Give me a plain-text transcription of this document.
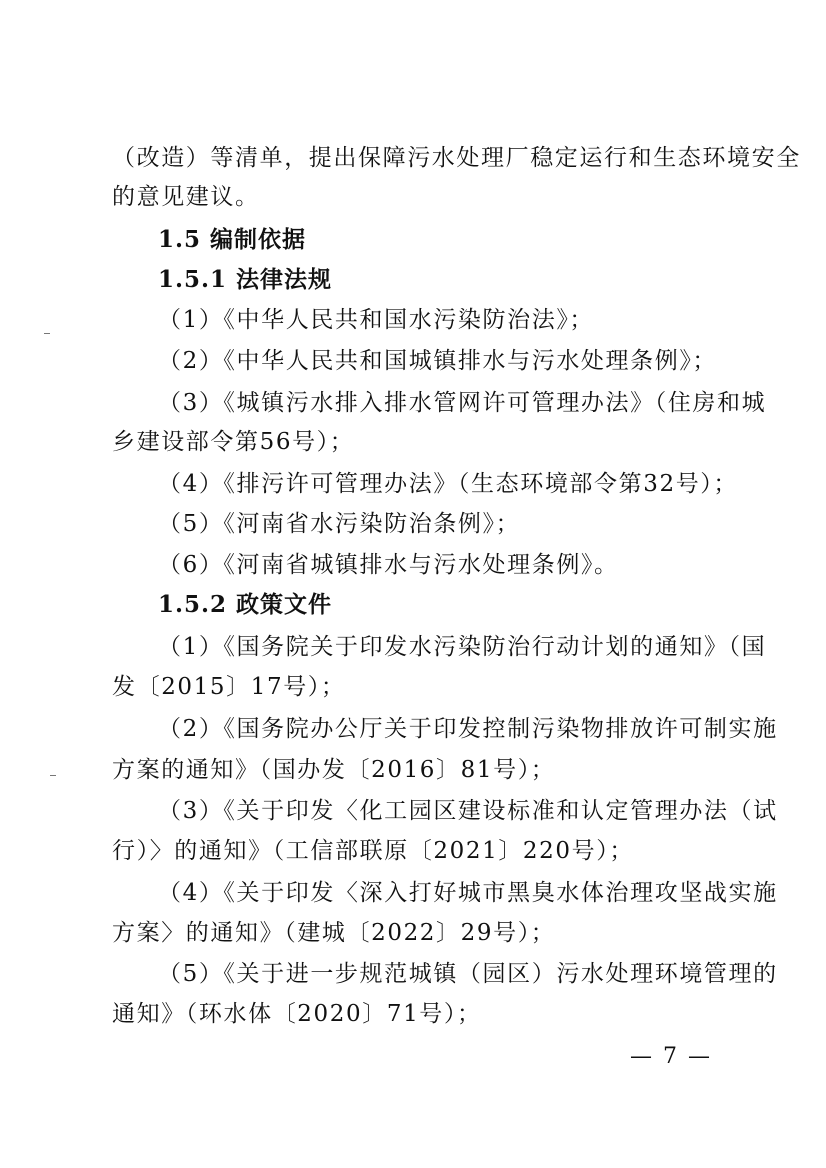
（改造）等清单，提出保障污水处理厂稳定运行和生态环境安全
的意见建议。
1.5 编制依据
1.5.1 法律法规
（1）《中华人民共和国水污染防治法》；
（2）《中华人民共和国城镇排水与污水处理条例》；
（3）《城镇污水排入排水管网许可管理办法》（住房和城
乡建设部令第56号）；
（4）《排污许可管理办法》（生态环境部令第32号）；
（5）《河南省水污染防治条例》；
（6）《河南省城镇排水与污水处理条例》。
1.5.2 政策文件
（1）《国务院关于印发水污染防治行动计划的通知》（国
发〔2015〕17号）；
（2）《国务院办公厅关于印发控制污染物排放许可制实施
方案的通知》（国办发〔2016〕81号）；
（3）《关于印发〈化工园区建设标准和认定管理办法（试
行）〉的通知》（工信部联原〔2021〕220号）；
（4）《关于印发〈深入打好城市黑臭水体治理攻坚战实施
方案〉的通知》（建城〔2022〕29号）；
（5）《关于进一步规范城镇（园区）污水处理环境管理的
通知》（环水体〔2020〕71号）；
— 7 —
